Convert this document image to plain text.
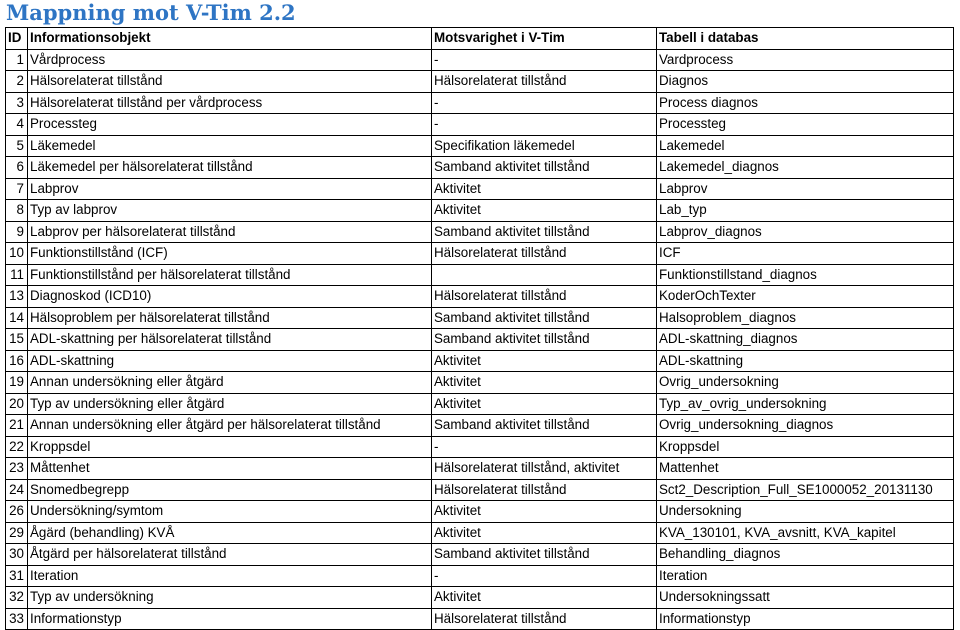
Mappning mot V-Tim 2.2
ID	Informationsobjekt	Motsvarighet i V-Tim	Tabell i databas
1	Vårdprocess	-	Vardprocess
2	Hälsorelaterat tillstånd	Hälsorelaterat tillstånd	Diagnos
3	Hälsorelaterat tillstånd per vårdprocess	-	Process diagnos
4	Processteg	-	Processteg
5	Läkemedel	Specifikation läkemedel	Lakemedel
6	Läkemedel per hälsorelaterat tillstånd	Samband aktivitet tillstånd	Lakemedel_diagnos
7	Labprov	Aktivitet	Labprov
8	Typ av labprov	Aktivitet	Lab_typ
9	Labprov per hälsorelaterat tillstånd	Samband aktivitet tillstånd	Labprov_diagnos
10	Funktionstillstånd (ICF)	Hälsorelaterat tillstånd	ICF
11	Funktionstillstånd per hälsorelaterat tillstånd		Funktionstillstand_diagnos
13	Diagnoskod (ICD10)	Hälsorelaterat tillstånd	KoderOchTexter
14	Hälsoproblem per hälsorelaterat tillstånd	Samband aktivitet tillstånd	Halsoproblem_diagnos
15	ADL-skattning per hälsorelaterat tillstånd	Samband aktivitet tillstånd	ADL-skattning_diagnos
16	ADL-skattning	Aktivitet	ADL-skattning
19	Annan undersökning eller åtgärd	Aktivitet	Ovrig_undersokning
20	Typ av undersökning eller åtgärd	Aktivitet	Typ_av_ovrig_undersokning
21	Annan undersökning eller åtgärd per hälsorelaterat tillstånd	Samband aktivitet tillstånd	Ovrig_undersokning_diagnos
22	Kroppsdel	-	Kroppsdel
23	Måttenhet	Hälsorelaterat tillstånd, aktivitet	Mattenhet
24	Snomedbegrepp	Hälsorelaterat tillstånd	Sct2_Description_Full_SE1000052_20131130
26	Undersökning/symtom	Aktivitet	Undersokning
29	Ågärd (behandling) KVÅ	Aktivitet	KVA_130101, KVA_avsnitt, KVA_kapitel
30	Åtgärd per hälsorelaterat tillstånd	Samband aktivitet tillstånd	Behandling_diagnos
31	Iteration	-	Iteration
32	Typ av undersökning	Aktivitet	Undersokningssatt
33	Informationstyp	Hälsorelaterat tillstånd	Informationstyp
